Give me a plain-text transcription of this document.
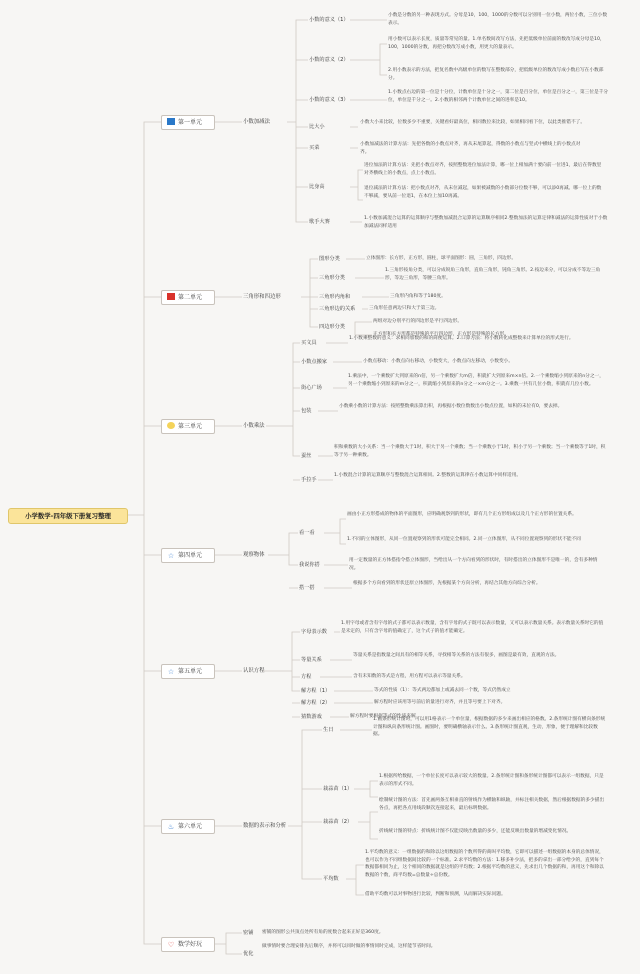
小学数学-四年级下册复习整理
第一单元
第二单元
第三单元
☆ 第四单元
☆ 第五单元
♨ 第六单元
♡ 数学好玩
小数加减法
三角形和四边形
小数乘法
观察物体
认识方程
数据的表示和分析
密铺
优化
小数的意义（1）
小数是分数的另一种表现方式。分母是10，100，1000的分数可以分别用一位小数，两位小数，三位小数表示。
小数的意义（2）
用小数可以表示长度，质量等常见的量。1.单名数间改写方法，先把低级单位前面的数改写成分母是10，100，1000的分数，再把分数改写成小数，用更大的量表示。
2.用小数表示的方法，把复名数中高级单位的数写在整数部分，把低级单位的数改写成小数后写在小数部分。
小数的意义（3）
1.小数点右边的第一位是十分位，计数单位是十分之一，第二位是百分位，单位是百分之一，第三位是千分位，单位是千分之一。2.小数的相邻两个计数单位之间的进率是10。
比大小
小数大小来比较，位数多少不重要，关键看好最高位，相同数位来比较，如果相同看下位，以此类推错不了。
买菜
小数加减法的计算方法：先把各数的小数点对齐，再从末尾算起，得数的小数点与竖式中横线上的小数点对齐。
比身高
进位加法的计算方法：先把小数点对齐，按照整数进位加法计算，哪一位上相加满十要向前一位进1，最后在得数里对齐横线上的小数点，点上小数点。
退位减法的计算方法：把小数点对齐，从末位减起，如果被减数的小数部分位数不够，可以添0再减。哪一位上的数不够减，要从前一位退1，在本位上加10再减。
歌手大赛
1.小数加减混合运算的运算顺序与整数加减混合运算的运算顺序相同2.整数加法的运算定律和减法的运算性质对于小数加减法同样适用
图形分类	立体图形：长方形，正方形，圆柱，球平面图形：圆，三角形，四边形。
三角形分类
1.三角形按角分类，可以分成锐角三角形，直角三角形，钝角三角形。2.按边来分，可以分成不等边三角形，等边三角形，等腰三角形。
三角形内角和	三角形内角和等于180度。
三角形边的关系	三角形任意两边只和大于第三边。
四边形分类
两组对边分别平行的四边形是平行四边形。
正方形和长方形都是特殊的平行四边形，正方形是特殊的长方形。
买文具
1.小数乘整数的意义：求相同加数的和的简便运算。2.口算方法：将小数转化成整数来计算单位的形式进行。
小数点搬家	小数点移动：小数点向右移动，小数变大，小数点向左移动，小数变小。
街心广场
1.乘法中，一个乘数扩大到原来的n倍，另一个乘数扩大m倍，积就扩大到原来m×n倍。2.一个乘数缩小到原来的n分之一，另一个乘数缩小到原来的m分之一，积就缩小到原来的n分之一×m分之一。3.乘数一共有几位小数，积就有几位小数。
包装
小数乘小数的计算方法：按照整数乘法算出积，再根据小数位数数出小数点位置，如积的末位有0，要去掉。
蚕丝
积和乘数的大小关系：当一个乘数大于1时，积大于另一个乘数；当一个乘数小于1时，积小于另一个乘数；当一个乘数等于1时，积等于另一种乘数。
手拉手
1.小数混合计算的运算顺序与整数混合运算相同。2.整数的运算律在小数运算中同样适用。
看一看
画由小正方形搭成的物体的平面图形，应明确观察到的形状，即有几个正方形组成以及几个正方形的位置关系。
1.不同的立体图形，从同一位置观察到的形状可能完全相同。2.同一立体图形，从不同位置观察到的形状不能不同
我说你搭
用一定数量的正方体搭指令搭立体图形，当给出从一个方向看到的形状时，有时搭出的立体图形不是唯一的，会有多种情况。
搭一搭
根据多个方向看到的形状还原立体图形，先根据某个方向分析，再结合其他方向综合分析。
字母表示数
1.用字母或者含有字母的式子都可以表示数量，含有字母的式子既可以表示数量，又可以表示数量关系。表示数量关系时它的值是未定的，只有含字母的值确定了，这个式子的值才能确定。
等量关系
等量关系是指数量之间具有的相等关系，寻找相等关系的方法有很多，画图是最有效，直观的方法。
方程	含有未知数的等式是方程，用方程可以表示等量关系。
解方程（1）	等式的性质（1）：等式两边都加上或减去同一个数，等式仍然成立
解方程（2）	解方程时应该用等号前后的量进行对齐，并且等号要上下对齐。
猜数游戏	解方程时要根据等式的性质来解
生日
1.画条形统计图时，可以用1格表示一个单位量，根据数据的多少来画出相应的格数。2.条形统计图有横向条形统计图和纵向条形统计图。画图时，要明确横轴表示什么。3.条形统计图直观，生动，形象，便于理解和比较数据。
栽蒜苗（1）
1.根据所给数据，一个单位长度可以表示较大的数量。2.条形统计图和条形统计图都可以表示一组数据，只是表示的形式不同。
栽蒜苗（2）
绘制统计图的方法：首先画两条互相垂直的射线作为横轴和纵轴，并标注相关数据，然后根据数据的多少描出各点，再把各点用线段顺次连接起来，最后标明数据。
折线统计图的特点：折线统计图不仅能反映出数量的多少，还能反映出数量的增减变化情况。
平均数
1.平均数的意义：一组数据的和除以这组数据的个数所得的商叫平均数，它即可以描述一组数据的本身的总体情况，也可以作为不同组数据间比较的一个标准。2.求平均数的方法：1.移多补少法，把多的拿出一部分给少的，直到每个数据都相同为止，这个相同的数据就是这组的平均数；2.根据平均数的意义，先求出几个数据的和，再用这个和除以数据的个数，商平均数=总数量÷总份数。
借助平均数可以对事物进行比较，判断和预测，从而解决实际问题。
密铺的图形公共顶点处所有角的度数合起来正好是360度。
做事情时要合理安排先后顺序，并将可以同时做的事情同时完成，这样能节省时间。
